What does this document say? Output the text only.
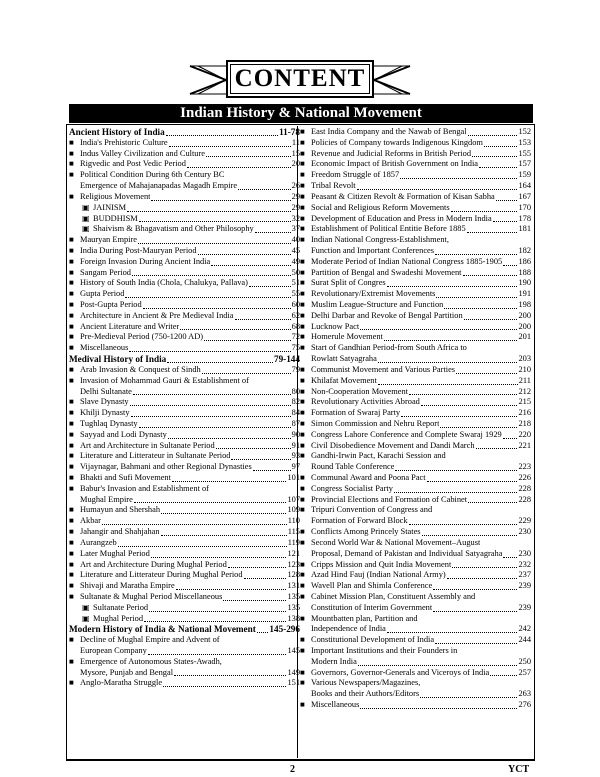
CONTENT
Indian History & National Movement
Ancient History of India	11-78
■ India's Prehistoric Culture	11
■ Indus Valley Civilization and Culture	15
■ Rigvedic and Post Vedic Period	20
■ Political Condition During 6th Century BC
Emergence of Mahajanapadas Magadh Empire	26
■ Religious Movement	29
▣ JAINISM	29
▣ BUDDHISM	32
▣ Shaivism & Bhagavatism and Other Philosophy	37
■ Mauryan Empire	40
■ India During Post-Mauryan Period	45
■ Foreign Invasion During Ancient India	49
■ Sangam Period	50
■ History of South India (Chola, Chalukya, Pallava)	51
■ Gupta Period	55
■ Post-Gupta Period	60
■ Architecture in Ancient & Pre Medieval India	62
■ Ancient Literature and Writer	68
■ Pre-Medieval Period (750-1200 AD)	72
■ Miscellaneous	75
Medival History of India	79-144
■ Arab Invasion & Conquest of Sindh	79
■ Invasion of Mohammad Gauri & Establishment of
Delhi Sultanate	80
■ Slave Dynasty	82
■ Khilji Dynasty	84
■ Tughlaq Dynasty	87
■ Sayyad and Lodi Dynasty	90
■ Art and Architecture in Sultanate Period	91
■ Literature and Litterateur in Sultanate Period	93
■ Vijaynagar, Bahmani and other Regional Dynasties	97
■ Bhakti and Sufi Movement	101
■ Babur's Invasion and Establishment of
Mughal Empire	107
■ Humayun and Shershah	109
■ Akbar	110
■ Jahangir and Shahjahan	115
■ Aurangzeb	119
■ Later Mughal Period	121
■ Art and Architecture During Mughal Period	123
■ Literature and Litterateur During Mughal Period	128
■ Shivaji and Maratha Empire	131
■ Sultanate & Mughal Period Miscellaneous	135
▣ Sultanate Period	135
▣ Mughal Period	138
Modern History of India & National Movement 145-296
■ Decline of Mughal Empire and Advent of
European Company	145
■ Emergence of Autonomous States-Awadh,
Mysore, Punjab and Bengal	149
■ Anglo-Maratha Struggle	151
■ East India Company and the Nawab of Bengal	152
■ Policies of Company towards Indigenous Kingdom	153
■ Revenue and Judicial Reforms in British Period	155
■ Economic Impact of British Government on India	157
■ Freedom Struggle of 1857	159
■ Tribal Revolt	164
■ Peasant & Citizen Revolt & Formation of Kisan Sabha	167
■ Social and Religious Reform Movements	170
■ Development of Education and Press in Modern India	178
■ Establishment of Political Entitie Before 1885	181
■ Indian National Congress-Establishment,
Function and Important Conferences	182
■ Moderate Period of Indian National Congress 1885-1905 186
■ Partition of Bengal and Swadeshi Movement	188
■ Surat Split of Congres	190
■ Revolutionary/Extremist Movements	191
■ Muslim League-Structure and Function	198
■ Delhi Darbar and Revoke of Bengal Partition	200
■ Lucknow Pact	200
■ Homerule Movement	201
■ Start of Gandhian Period-from South Africa to
Rowlatt Satyagraha	203
■ Communist Movement and Various Parties	210
■ Khilafat Movement	211
■ Non-Cooperation Movement	212
■ Revolutionary Activities Abroad	215
■ Formation of Swaraj Party	216
■ Simon Commission and Nehru Report	218
■ Congress Lahore Conference and Complete Swaraj 1929 220
■ Civil Disobedience Movement and Dandi March	221
■ Gandhi-Irwin Pact, Karachi Session and
Round Table Conference	223
■ Communal Award and Poona Pact	226
■ Congress Socialist Party	228
■ Provincial Elections and Formation of Cabinet	228
■ Tripuri Convention of Congress and
Formation of Forward Block	229
■ Conflicts Among Princely States	230
■ Second World War & National Movement–August
Proposal, Demand of Pakistan and Individual Satyagraha 230
■ Cripps Mission and Quit India Movement	232
■ Azad Hind Fauj (Indian National Army)	237
■ Wavell Plan and Shimla Conference	239
■ Cabinet Mission Plan, Constituent Assembly and
Constitution of Interim Government	239
■ Mountbatten plan, Partition and
Independence of India	242
■ Constitutional Development of India	244
■ Important Institutions and their Founders in
Modern India	250
■ Governors, Governor-Generals and Viceroys of India	257
■ Various Newspapers/Magazines,
Books and their Authors/Editors	263
■ Miscellaneous	276
2	YCT
